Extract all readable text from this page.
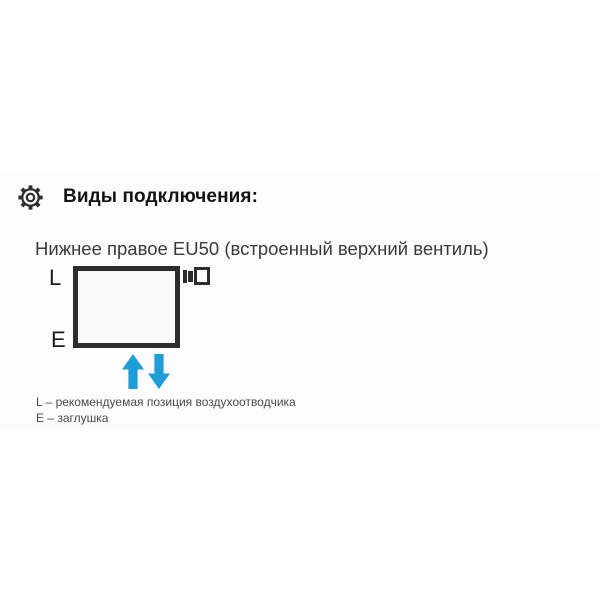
Виды подключения:
Нижнее правое EU50 (встроенный верхний вентиль)
L
E
L – рекомендуемая позиция воздухоотводчика
E – заглушка
